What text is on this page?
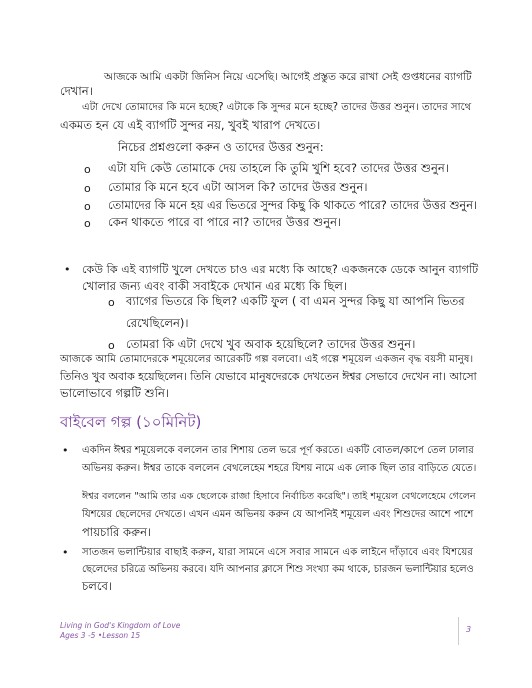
আজকে আমি একটা জিনিস নিয়ে এসেছি। আগেই প্রস্তুত করে রাখা সেই গুপ্তধনের ব্যাগটি
দেখান।
এটা দেখে তোমাদের কি মনে হচ্ছে? এটাকে কি সুন্দর মনে হচ্ছে? তাদের উত্তর শুনুন। তাদের সাথে
একমত হন যে এই ব্যাগটি সুন্দর নয়, খুবই খারাপ দেখতে।
নিচের প্রশ্নগুলো করুন ও তাদের উত্তর শুনুন:
o এটা যদি কেউ তোমাকে দেয় তাহলে কি তুমি খুশি হবে? তাদের উত্তর শুনুন।
o তোমার কি মনে হবে এটা আসল কি? তাদের উত্তর শুনুন।
o তোমাদের কি মনে হয় এর ভিতরে সুন্দর কিছু কি থাকতে পারে? তাদের উত্তর শুনুন।
o কেন থাকতে পারে বা পারে না? তাদের উত্তর শুনুন।
• কেউ কি এই ব্যাগটি খুলে দেখতে চাও এর মধ্যে কি আছে? একজনকে ডেকে আনুন ব্যাগটি
খোলার জন্য এবং বাকী সবাইকে দেখান এর মধ্যে কি ছিল।
o ব্যাগের ভিতরে কি ছিল? একটি ফুল ( বা এমন সুন্দর কিছু যা আপনি ভিতর
রেখেছিলেন)।
o তোমরা কি এটা দেখে খুব অবাক হয়েছিলে? তাদের উত্তর শুনুন।
আজকে আমি তোমাদেরকে শমূয়েলের আরেকটি গল্প বলবো। এই গল্পে শমূয়েল একজন বৃদ্ধ বয়সী মানুষ।
তিনিও খুব অবাক হয়েছিলেন। তিনি যেভাবে মানুষদেরকে দেখতেন ঈশ্বর সেভাবে দেখেন না। আসো
ভালোভাবে গল্পটি শুনি।
বাইবেল গল্প (১০মিনিট)
• একদিন ঈশ্বর শমূয়েলকে বললেন তার শিশায় তেল ভরে পূর্ণ করতে। একটি বোতল/কাপে তেল ঢালার
অভিনয় করুন। ঈশ্বর তাকে বললেন বেথলেহেম শহরে যিশয় নামে এক লোক ছিল তার বাড়িতে যেতে।
ঈশ্বর বললেন "আমি তার এক ছেলেকে রাজা হিসাবে নির্বাচিত করেছি"। তাই শমূয়েল বেথলেহেমে গেলেন
যিশয়ের ছেলেদের দেখতে। এখন এমন অভিনয় করুন যে আপনিই শমূয়েল এবং শিশুদের আশে পাশে
পায়চারি করুন।
• সাতজন ভলান্টিয়ার বাছাই করুন, যারা সামনে এসে সবার সামনে এক লাইনে দাঁড়াবে এবং যিশয়ের
ছেলেদের চরিত্রে অভিনয় করবে। যদি আপনার ক্লাসে শিশু সংখ্যা কম থাকে, চারজন ভলান্টিয়ার হলেও
চলবে।
Living in God's Kingdom of Love
Ages 3 -5 •Lesson 15
3
